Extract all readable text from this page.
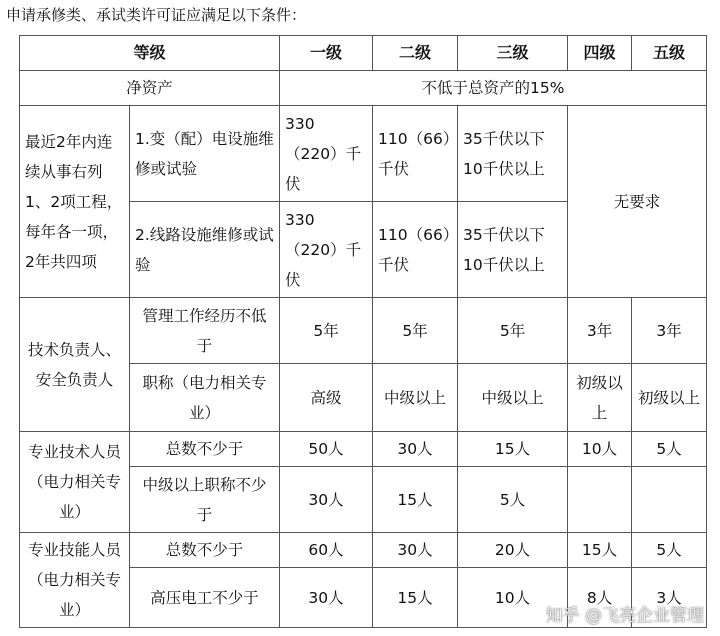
申请承修类、承试类许可证应满足以下条件：

等级		一级	二级	三级	四级	五级
净资产		不低于总资产的15%				
最近2年内连续从事右列1、2项工程，每年各一项，2年共四项	1.变（配）电设施维修或试验	330（220）千伏	110（66）千伏	35千伏以下10千伏以上	无要求	
	2.线路设施维修或试验	330（220）千伏	110（66）千伏	35千伏以下10千伏以上		
技术负责人、安全负责人	管理工作经历不低于	5年	5年	5年	3年	3年
	职称（电力相关专业）	高级	中级以上	中级以上	初级以上	初级以上
专业技术人员（电力相关专业）	总数不少于	50人	30人	15人	10人	5人
	中级以上职称不少于	30人	15人	5人		
专业技能人员（电力相关专业）	总数不少于	60人	30人	20人	15人	5人
	高压电工不少于	30人	15人	10人	8人	3人
知乎 @飞亮企业管理
